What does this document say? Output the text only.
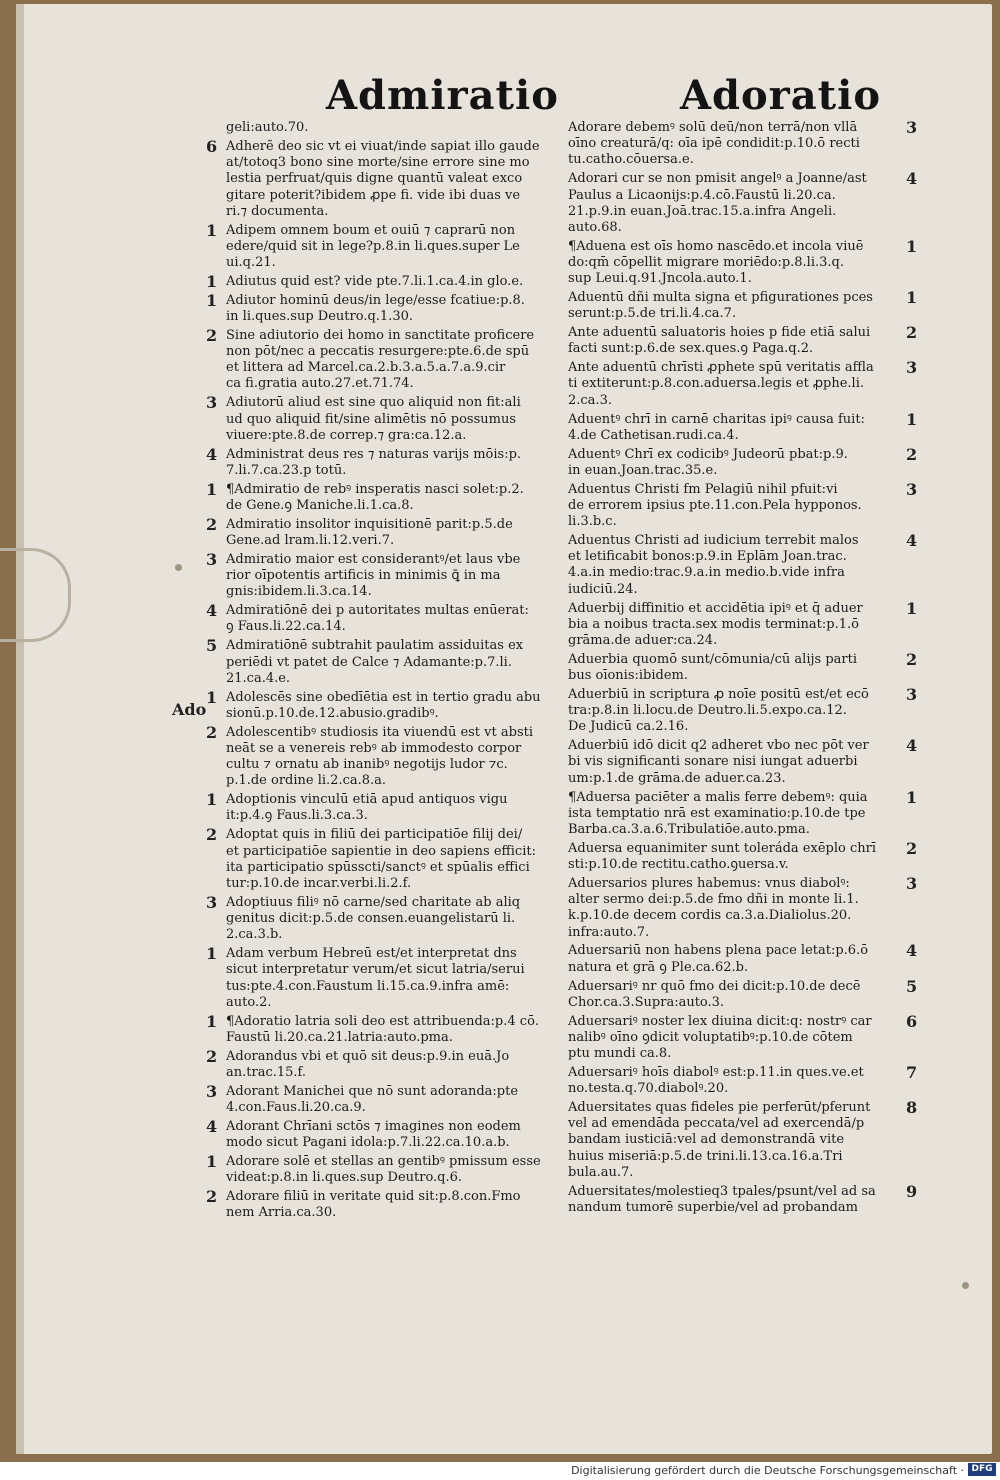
Admiratio	Adoratio
Ado
geli:auto.70.
6 Adherẽ deo sic vt ei viuat/inde sapiat illo gaude
at/totoq3 bono sine morte/sine errore sine mo
lestia perfruat/quis digne quantū valeat exco
gitare poterit?ibidem ꝓpe fi. vide ibi duas ve
ri.⁊ documenta.
1 Adipem omnem boum et ouiū ⁊ caprarū non
edere/quid sit in lege?p.8.in li.ques.super Le
ui.q.21.
1 Adiutus quid est? vide pte.7.li.1.ca.4.in glo.e.
1 Adiutor hominū deus/in lege/esse fcatiue:p.8.
in li.ques.sup Deutro.q.1.30.
2 Sine adiutorio dei homo in sanctitate proficere
non pōt/nec a peccatis resurgere:pte.6.de spū
et littera ad Marcel.ca.2.b.3.a.5.a.7.a.9.cir
ca fi.gratia auto.27.et.71.74.
3 Adiutorū aliud est sine quo aliquid non fit:ali
ud quo aliquid fit/sine alimētis nō possumus
viuere:pte.8.de correp.⁊ gra:ca.12.a.
4 Administrat deus res ⁊ naturas varijs mōis:p.
7.li.7.ca.23.p totū.
1 ¶Admiratio de rebꝰ insperatis nasci solet:p.2.
de Gene.ꝯ Maniche.li.1.ca.8.
2 Admiratio insolitor inquisitionē parit:p.5.de
Gene.ad lram.li.12.veri.7.
3 Admiratio maior est considerantꝰ/et laus vbe
rior oīpotentis artificis in minimis ꝗ̄ in ma
gnis:ibidem.li.3.ca.14.
4 Admiratiōnē dei p autoritates multas enūerat:
ꝯ Faus.li.22.ca.14.
5 Admiratiōnē subtrahit paulatim assiduitas ex
periēdi vt patet de Calce ⁊ Adamante:p.7.li.
21.ca.4.e.
1 Adolescēs sine obedīētia est in tertio gradu abu
sionū.p.10.de.12.abusio.gradibꝰ.
2 Adolescentibꝰ studiosis ita viuendū est vt absti
neāt se a venereis rebꝰ ab immodesto corpor
cultu ⁊ ornatu ab inanibꝰ negotijs ludor ⁊c.
p.1.de ordine li.2.ca.8.a.
1 Adoptionis vinculū etiā apud antiquos vigu
it:p.4.ꝯ Faus.li.3.ca.3.
2 Adoptat quis in filiū dei participatiōe filij dei/
et participatiōe sapientie in deo sapiens efficit:
ita participatio spūsscti/sanctꝰ et spūalis effici
tur:p.10.de incar.verbi.li.2.f.
3 Adoptiuus filiꝰ nō carne/sed charitate ab aliq
genitus dicit:p.5.de consen.euangelistarū li.
2.ca.3.b.
1 Adam verbum Hebreū est/et interpretat dns
sicut interpretatur verum/et sicut latria/serui
tus:pte.4.con.Faustum li.15.ca.9.infra amē:
auto.2.
1 ¶Adoratio latria soli deo est attribuenda:p.4 cō.
Faustū li.20.ca.21.latria:auto.pma.
2 Adorandus vbi et quō sit deus:p.9.in euā.Jo
an.trac.15.f.
3 Adorant Manichei que nō sunt adoranda:pte
4.con.Faus.li.20.ca.9.
4 Adorant Chrīani sctōs ⁊ imagines non eodem
modo sicut Pagani idola:p.7.li.22.ca.10.a.b.
1 Adorare solē et stellas an gentibꝰ pmissum esse
videat:p.8.in li.ques.sup Deutro.q.6.
2 Adorare filiū in veritate quid sit:p.8.con.Fmo
nem Arria.ca.30.
3
Adorare debemꝰ solū deū/non terrā/non vllā
oīno creaturā/q: oīa ipē condidit:p.10.ō recti
tu.catho.cōuersa.e.
4
Adorari cur se non pmisit angelꝰ a Joanne/ast
Paulus a Licaonijs:p.4.cō.Faustū li.20.ca.
21.p.9.in euan.Joā.trac.15.a.infra Angeli.
auto.68.
1
¶Aduena est oīs homo nascēdo.et incola viuē
do:qm̄ cōpellit migrare moriēdo:p.8.li.3.q.
sup Leui.q.91.Jncola.auto.1.
1
Aduentū dñi multa signa et pfigurationes pces
serunt:p.5.de tri.li.4.ca.7.
2
Ante aduentū saluatoris hoies p fide etiā salui
facti sunt:p.6.de sex.ques.ꝯ Paga.q.2.
3
Ante aduentū chrīsti ꝓphete spū veritatis affla
ti extiterunt:p.8.con.aduersa.legis et ꝓphe.li.
2.ca.3.
1
Aduentꝰ chrī in carnē charitas ipiꝰ causa fuit:
4.de Cathetisan.rudi.ca.4.
2
Aduentꝰ Chrī ex codicibꝰ Judeorū pbat:p.9.
in euan.Joan.trac.35.e.
3
Aduentus Christi fm Pelagiū nihil pfuit:vi
de errorem ipsius pte.11.con.Pela hypponos.
li.3.b.c.
4
Aduentus Christi ad iudicium terrebit malos
et letificabit bonos:p.9.in Eplām Joan.trac.
4.a.in medio:trac.9.a.in medio.b.vide infra
iudiciū.24.
1
Aduerbij diffinitio et accidētia ipiꝰ et q̄ aduer
bia a noibus tracta.sex modis terminat:p.1.ō
grāma.de aduer:ca.24.
2
Aduerbia quomō sunt/cōmunia/cū alijs parti
bus oīonis:ibidem.
3
Aduerbiū in scriptura ꝓ noīe positū est/et ecō
tra:p.8.in li.locu.de Deutro.li.5.expo.ca.12.
De Judicū ca.2.16.
4
Aduerbiū idō dicit q2 adheret vbo nec pōt ver
bi vis significanti sonare nisi iungat aduerbi
um:p.1.de grāma.de aduer.ca.23.
1
¶Aduersa paciēter a malis ferre debemꝰ: quia
ista temptatio nrā est examinatio:p.10.de tpe
Barba.ca.3.a.6.Tribulatiōe.auto.pma.
2
Aduersa equanimiter sunt toleráda exēplo chrī
sti:p.10.de rectitu.catho.ꝯuersa.v.
3
Aduersarios plures habemus: vnus diabolꝰ:
alter sermo dei:p.5.de fmo dñi in monte li.1.
k.p.10.de decem cordis ca.3.a.Dialiolus.20.
infra:auto.7.
4
Aduersariū non habens plena pace letat:p.6.ō
natura et grā ꝯ Ple.ca.62.b.
5
Aduersariꝰ nr quō fmo dei dicit:p.10.de decē
Chor.ca.3.Supra:auto.3.
6
Aduersariꝰ noster lex diuina dicit:q: nostrꝰ car
nalibꝰ oīno ꝯdicit voluptatibꝰ:p.10.de cōtem
ptu mundi ca.8.
7
Aduersariꝰ hoīs diabolꝰ est:p.11.in ques.ve.et
no.testa.q.70.diabolꝰ.20.
8
Aduersitates quas fideles pie perferūt/pferunt
vel ad emendāda peccata/vel ad exercendā/p
bandam iusticiā:vel ad demonstrandā vite
huius miseriā:p.5.de trini.li.13.ca.16.a.Tri
bula.au.7.
9
Aduersitates/molestieq3 tpales/psunt/vel ad sa
nandum tumorē superbie/vel ad probandam
Digitalisierung gefördert durch die Deutsche Forschungsgemeinschaft · DFG
